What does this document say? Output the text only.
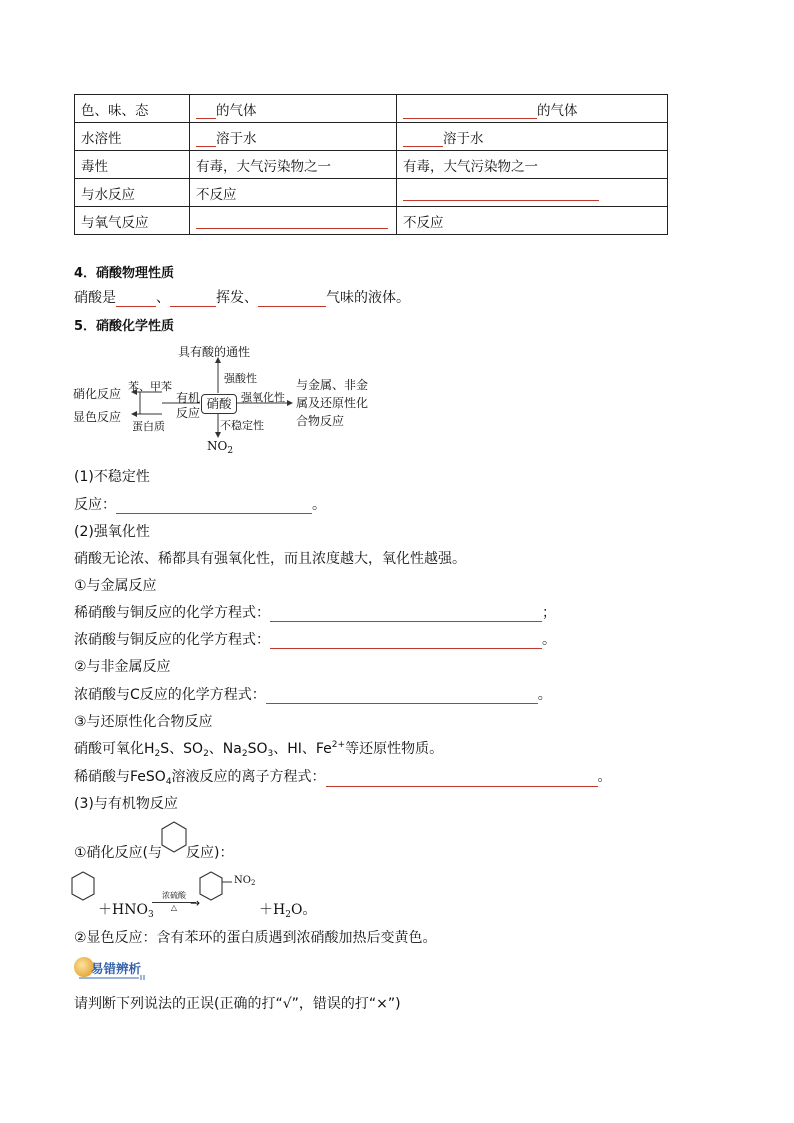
色、味、态	的气体	的气体
水溶性	溶于水	溶于水
毒性	有毒，大气污染物之一	有毒，大气污染物之一
与水反应	不反应	
与氧气反应		不反应
4．硝酸物理性质
硝酸是	、	挥发、	气味的液体。
5．硝酸化学性质
具有酸的通性
强酸性
强氧化性
与金属、非金
属及还原性化
合物反应
硝酸
不稳定性
$NO_2$
有机
反应
苯、甲苯
硝化反应
显色反应
蛋白质
(1)不稳定性
反应：	。
(2)强氧化性
硝酸无论浓、稀都具有强氧化性，而且浓度越大，氧化性越强。
①与金属反应
稀硝酸与铜反应的化学方程式：	；
浓硝酸与铜反应的化学方程式：	。
②与非金属反应
浓硝酸与C反应的化学方程式：	。
③与还原性化合物反应
硝酸可氧化$H_2S$、$SO_2$、$Na_2SO_3$、HI、$Fe^{2+}$等还原性物质。
稀硝酸与FeSO$_4$溶液反应的离子方程式：	。
(3)与有机物反应
①硝化反应(与 反应)：
$+HNO_3$
浓硫酸
△	→
$NO_2$
$+H_2O$。
②显色反应：含有苯环的蛋白质遇到浓硝酸加热后变黄色。
易错辨析
请判断下列说法的正误(正确的打“√”，错误的打“×”)
